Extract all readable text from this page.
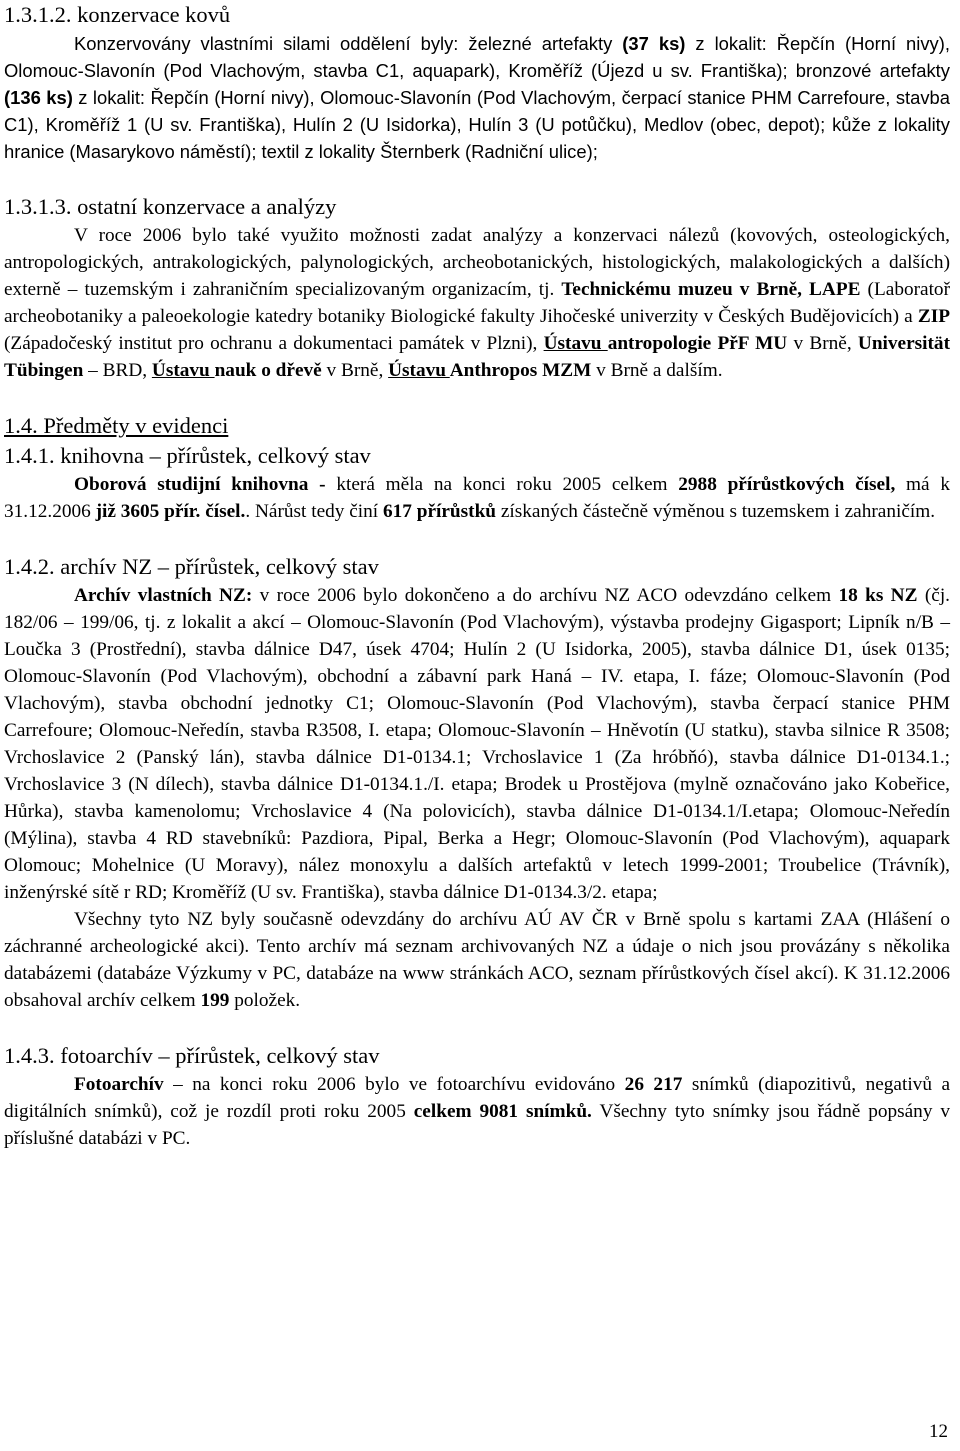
1.3.1.2. konzervace kovů

Konzervovány vlastními silami oddělení byly: železné artefakty (37 ks) z lokalit: Řepčín (Horní nivy), Olomouc-Slavonín (Pod Vlachovým, stavba C1, aquapark), Kroměříž (Újezd u sv. Františka); bronzové artefakty (136 ks) z lokalit: Řepčín (Horní nivy), Olomouc-Slavonín (Pod Vlachovým, čerpací stanice PHM Carrefoure, stavba C1), Kroměříž 1 (U sv. Františka), Hulín 2 (U Isidorka), Hulín 3 (U potůčku), Medlov (obec, depot); kůže z lokality hranice (Masarykovo náměstí); textil z lokality Šternberk (Radniční ulice);

1.3.1.3. ostatní konzervace a analýzy

V roce 2006 bylo také využito možnosti zadat analýzy a konzervaci nálezů (kovových, osteologických, antropologických, antrakologických, palynologických, archeobotanických, histologických, malakologických a dalších) externě – tuzemským i zahraničním specializovaným organizacím, tj. Technickému muzeu v Brně, LAPE (Laboratoř archeobotaniky a paleoekologie katedry botaniky Biologické fakulty Jihočeské univerzity v Českých Budějovicích) a ZIP (Západočeský institut pro ochranu a dokumentaci památek v Plzni), Ústavu antropologie PřF MU v Brně, Universität Tübingen – BRD, Ústavu nauk o dřevě v Brně, Ústavu Anthropos MZM v Brně a dalším.

1.4. Předměty v evidenci
1.4.1. knihovna – přírůstek, celkový stav

Oborová studijní knihovna - která měla na konci roku 2005 celkem 2988 přírůstkových čísel, má k 31.12.2006 již 3605 přír. čísel.. Nárůst tedy činí 617 přírůstků získaných částečně výměnou s tuzemskem i zahraničím.

1.4.2. archív NZ – přírůstek, celkový stav

Archív vlastních NZ: v roce 2006 bylo dokončeno a do archívu NZ ACO odevzdáno celkem 18 ks NZ (čj. 182/06 – 199/06, tj. z lokalit a akcí – Olomouc-Slavonín (Pod Vlachovým), výstavba prodejny Gigasport; Lipník n/B – Loučka 3 (Prostřední), stavba dálnice D47, úsek 4704; Hulín 2 (U Isidorka, 2005), stavba dálnice D1, úsek 0135; Olomouc-Slavonín (Pod Vlachovým), obchodní a zábavní park Haná – IV. etapa, I. fáze; Olomouc-Slavonín (Pod Vlachovým), stavba obchodní jednotky C1; Olomouc-Slavonín (Pod Vlachovým), stavba čerpací stanice PHM Carrefoure; Olomouc-Neředín, stavba R3508, I. etapa; Olomouc-Slavonín – Hněvotín (U statku), stavba silnice R 3508; Vrchoslavice 2 (Panský lán), stavba dálnice D1-0134.1; Vrchoslavice 1 (Za hróbňó), stavba dálnice D1-0134.1.; Vrchoslavice 3 (N dílech), stavba dálnice D1-0134.1./I. etapa; Brodek u Prostějova (mylně označováno jako Kobeřice, Hůrka), stavba kamenolomu; Vrchoslavice 4 (Na polovicích), stavba dálnice D1-0134.1/I.etapa; Olomouc-Neředín (Mýlina), stavba 4 RD stavebníků: Pazdiora, Pipal, Berka a Hegr; Olomouc-Slavonín (Pod Vlachovým), aquapark Olomouc; Mohelnice (U Moravy), nález monoxylu a dalších artefaktů v letech 1999-2001; Troubelice (Trávník), inženýrské sítě r RD; Kroměříž (U sv. Františka), stavba dálnice D1-0134.3/2. etapa;

Všechny tyto NZ byly současně odevzdány do archívu AÚ AV ČR v Brně spolu s kartami ZAA (Hlášení o záchranné archeologické akci). Tento archív má seznam archivovaných NZ a údaje o nich jsou provázány s několika databázemi (databáze Výzkumy v PC, databáze na www stránkách ACO, seznam přírůstkových čísel akcí). K 31.12.2006 obsahoval archív celkem 199 položek.

1.4.3. fotoarchív – přírůstek, celkový stav

Fotoarchív – na konci roku 2006 bylo ve fotoarchívu evidováno 26 217 snímků (diapozitivů, negativů a digitálních snímků), což je rozdíl proti roku 2005 celkem 9081 snímků. Všechny tyto snímky jsou řádně popsány v příslušné databázi v PC.

12
